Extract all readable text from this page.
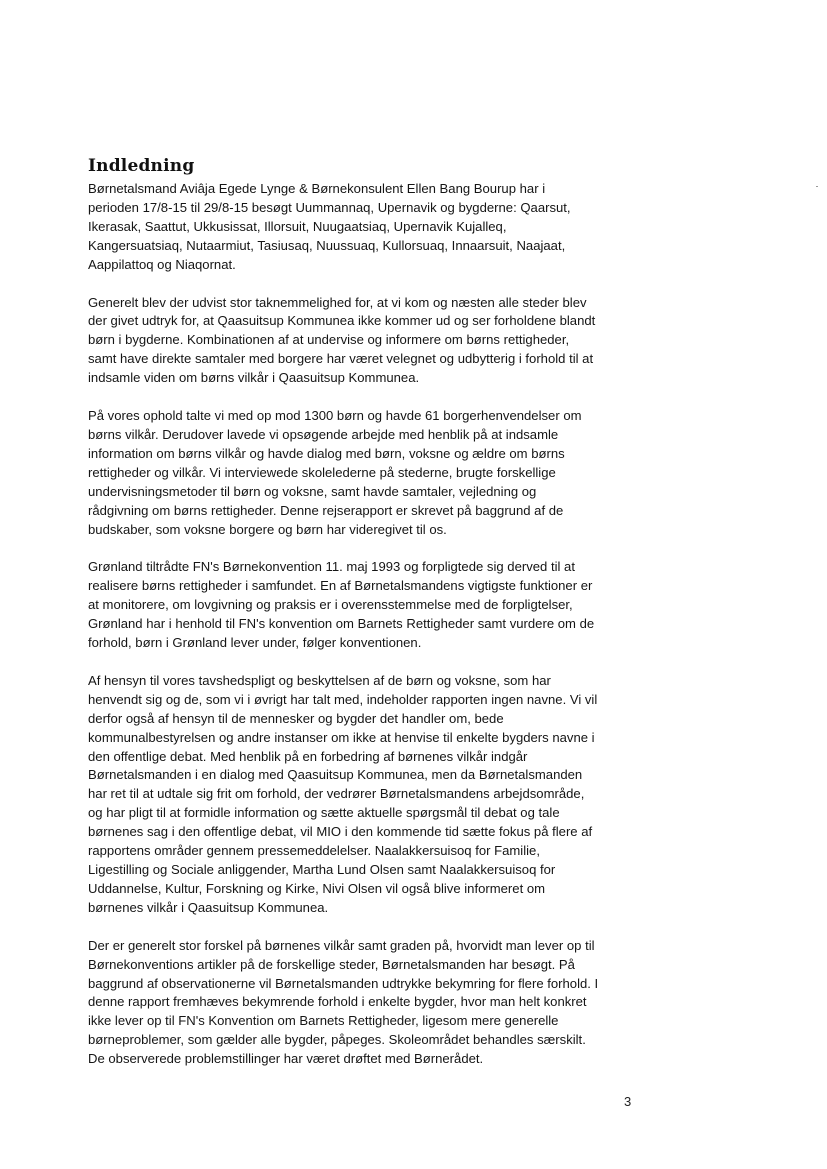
Indledning

Børnetalsmand Aviâja Egede Lynge & Børnekonsulent Ellen Bang Bourup har i
perioden 17/8-15 til 29/8-15 besøgt Uummannaq, Upernavik og bygderne: Qaarsut,
Ikerasak, Saattut, Ukkusissat, Illorsuit, Nuugaatsiaq, Upernavik Kujalleq,
Kangersuatsiaq, Nutaarmiut, Tasiusaq, Nuussuaq, Kullorsuaq, Innaarsuit, Naajaat,
Aappilattoq og Niaqornat.

Generelt blev der udvist stor taknemmelighed for, at vi kom og næsten alle steder blev
der givet udtryk for, at Qaasuitsup Kommunea ikke kommer ud og ser forholdene blandt
børn i bygderne. Kombinationen af at undervise og informere om børns rettigheder,
samt have direkte samtaler med borgere har været velegnet og udbytterig i forhold til at
indsamle viden om børns vilkår i Qaasuitsup Kommunea.

På vores ophold talte vi med op mod 1300 børn og havde 61 borgerhenvendelser om
børns vilkår. Derudover lavede vi opsøgende arbejde med henblik på at indsamle
information om børns vilkår og havde dialog med børn, voksne og ældre om børns
rettigheder og vilkår. Vi interviewede skolelederne på stederne, brugte forskellige
undervisningsmetoder til børn og voksne, samt havde samtaler, vejledning og
rådgivning om børns rettigheder. Denne rejserapport er skrevet på baggrund af de
budskaber, som voksne borgere og børn har videregivet til os.

Grønland tiltrådte FN's Børnekonvention 11. maj 1993 og forpligtede sig derved til at
realisere børns rettigheder i samfundet. En af Børnetalsmandens vigtigste funktioner er
at monitorere, om lovgivning og praksis er i overensstemmelse med de forpligtelser,
Grønland har i henhold til FN's konvention om Barnets Rettigheder samt vurdere om de
forhold, børn i Grønland lever under, følger konventionen.

Af hensyn til vores tavshedspligt og beskyttelsen af de børn og voksne, som har
henvendt sig og de, som vi i øvrigt har talt med, indeholder rapporten ingen navne. Vi vil
derfor også af hensyn til de mennesker og bygder det handler om, bede
kommunalbestyrelsen og andre instanser om ikke at henvise til enkelte bygders navne i
den offentlige debat. Med henblik på en forbedring af børnenes vilkår indgår
Børnetalsmanden i en dialog med Qaasuitsup Kommunea, men da Børnetalsmanden
har ret til at udtale sig frit om forhold, der vedrører Børnetalsmandens arbejdsområde,
og har pligt til at formidle information og sætte aktuelle spørgsmål til debat og tale
børnenes sag i den offentlige debat, vil MIO i den kommende tid sætte fokus på flere af
rapportens områder gennem pressemeddelelser. Naalakkersuisoq for Familie,
Ligestilling og Sociale anliggender, Martha Lund Olsen samt Naalakkersuisoq for
Uddannelse, Kultur, Forskning og Kirke, Nivi Olsen vil også blive informeret om
børnenes vilkår i Qaasuitsup Kommunea.

Der er generelt stor forskel på børnenes vilkår samt graden på, hvorvidt man lever op til
Børnekonventions artikler på de forskellige steder, Børnetalsmanden har besøgt. På
baggrund af observationerne vil Børnetalsmanden udtrykke bekymring for flere forhold. I
denne rapport fremhæves bekymrende forhold i enkelte bygder, hvor man helt konkret
ikke lever op til FN's Konvention om Barnets Rettigheder, ligesom mere generelle
børneproblemer, som gælder alle bygder, påpeges. Skoleområdet behandles særskilt.
De observerede problemstillinger har været drøftet med Børnerådet.

3
